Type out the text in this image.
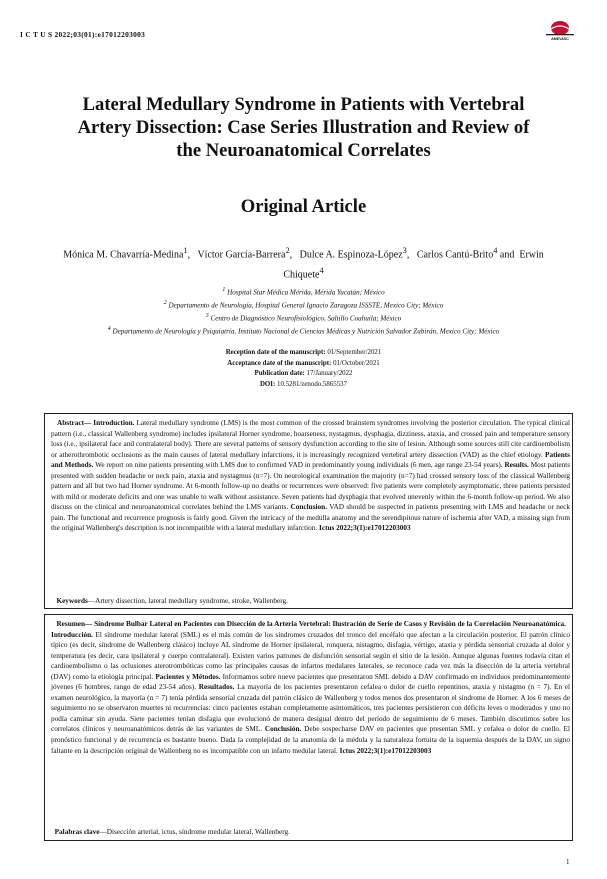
I C T U S 2022;03(01):e17012203003	AMEVASC
Lateral Medullary Syndrome in Patients with Vertebral
Artery Dissection: Case Series Illustration and Review of
the Neuroanatomical Correlates
Original Article
Mónica M. Chavarría-Medina$^1$,   Víctor García-Barrera$^2$,   Dulce A. Espinoza-López$^3$,   Carlos Cantú-Brito$^4$ and  Erwin Chiquete$^4$
$^1$ Hospital Star Médica Mérida, Mérida Yucatán; México
$^2$ Departamento de Neurología, Hospital General Ignacio Zaragoza ISSSTE, Mexico City; México
$^3$ Centro de Diagnóstico Neurofisiológico, Saltillo Coahuila; México
$^4$ Departamento de Neurología y Psiquiatría, Instituto Nacional de Ciencias Médicas y Nutrición Salvador Zubirán, Mexico City; México
Reception date of the manuscript: 01/September/2021
Acceptance date of the manuscript: 01/October/2021
Publication date: 17/January/2022
DOI: 10.5281/zenodo.5865537
Abstract— Introduction. Lateral medullary syndrome (LMS) is the most common of the crossed brainstem syndromes involving the posterior circulation. The typical clinical pattern (i.e., classical Wallenberg syndrome) includes ipsilateral Horner syndrome, hoarseness, nystagmus, dysphagia, dizziness, ataxia, and crossed pain and temperature sensory loss (i.e., ipsilateral face and contralateral body). There are several patterns of sensory dysfunction according to the site of lesion. Although some sources still cite cardioembolism or atherothrombotic occlusions as the main causes of lateral medullary infarctions, it is increasingly recognized vertebral artery dissection (VAD) as the chief etiology. Patients and Methods. We report on nine patients presenting with LMS due to confirmed VAD in predominantly young individuals (6 men, age range 23-54 years). Results. Most patients presented with sudden headache or neck pain, ataxia and nystagmus (n=7). On neurological examination the majority (n=7) had crossed sensory loss of the classical Wallenberg pattern and all but two had Horner syndrome. At 6-month follow-up no deaths or recurrences were observed: five patients were completely asymptomatic, three patients persisted with mild or moderate deficits and one was unable to walk without assistance. Seven patients had dysphagia that evolved unevenly within the 6-month follow-up period. We also discuss on the clinical and neuroanatomical correlates behind the LMS variants. Conclusion. VAD should be suspected in patients presenting with LMS and headache or neck pain. The functional and recurrence prognosis is fairly good. Given the intricacy of the medulla anatomy and the serendipitous nature of ischemia after VAD, a missing sign from the original Wallenberg's description is not incompatible with a lateral medullary infarction. Ictus 2022;3(1):e17012203003
Keywords—Artery dissection, lateral medullary syndrome, stroke, Wallenberg.
Resumen— Síndrome Bulbar Lateral en Pacientes con Disección de la Arteria Vertebral: Ilustración de Serie de Casos y Revisión de la Correlación Neuroanatómica.
Introducción. El síndrome medular lateral (SML) es el más común de los síndromes cruzados del tronco del encéfalo que afectan a la circulación posterior. El patrón clínico típico (es decir, síndrome de Wallenberg clásico) incluye AL síndrome de Horner ipsilateral, ronquera, nistagmo, disfagia, vértigo, ataxia y pérdida sensorial cruzada al dolor y temperatura (es decir, cara ipsilateral y cuerpo contralateral). Existen varios patrones de disfunción sensorial según el sitio de la lesión. Aunque algunas fuentes todavía citan el cardioembolismo o las oclusiones aterotrombóticas como las principales causas de infartos medulares laterales, se reconoce cada vez más la disección de la arteria vertebral (DAV) como la etiología principal. Pacientes y Métodos. Informamos sobre nueve pacientes que presentaron SML debido a DAV confirmado en individuos predominantemente jóvenes (6 hombres, rango de edad 23-54 años). Resultados. La mayoría de los pacientes presentaron cefalea o dolor de cuello repentinos, ataxia y nistagmo (n = 7). En el examen neurológico, la mayoría (n = 7) tenía pérdida sensorial cruzada del patrón clásico de Wallenberg y todos menos dos presentaron el síndrome de Horner. A los 6 meses de seguimiento no se observaron muertes ni recurrencias: cinco pacientes estaban completamente asintomáticos, tres pacientes persistieron con déficits leves o moderados y uno no podía caminar sin ayuda. Siete pacientes tenían disfagia que evolucionó de manera desigual dentro del período de seguimiento de 6 meses. También discutimos sobre los correlatos clínicos y neuroanatómicos detrás de las variantes de SML. Conclusión. Debe sospecharse DAV en pacientes que presentan SML y cefalea o dolor de cuello. El pronóstico funcional y de recurrencia es bastante bueno. Dada la complejidad de la anatomía de la médula y la naturaleza fortuita de la isquemia después de la DAV, un signo faltante en la descripción original de Wallenberg no es incompatible con un infarto medular lateral. Ictus 2022;3(1):e17012203003
Palabras clave—Disección arterial, ictus, síndrome medular lateral, Wallenberg.
1
